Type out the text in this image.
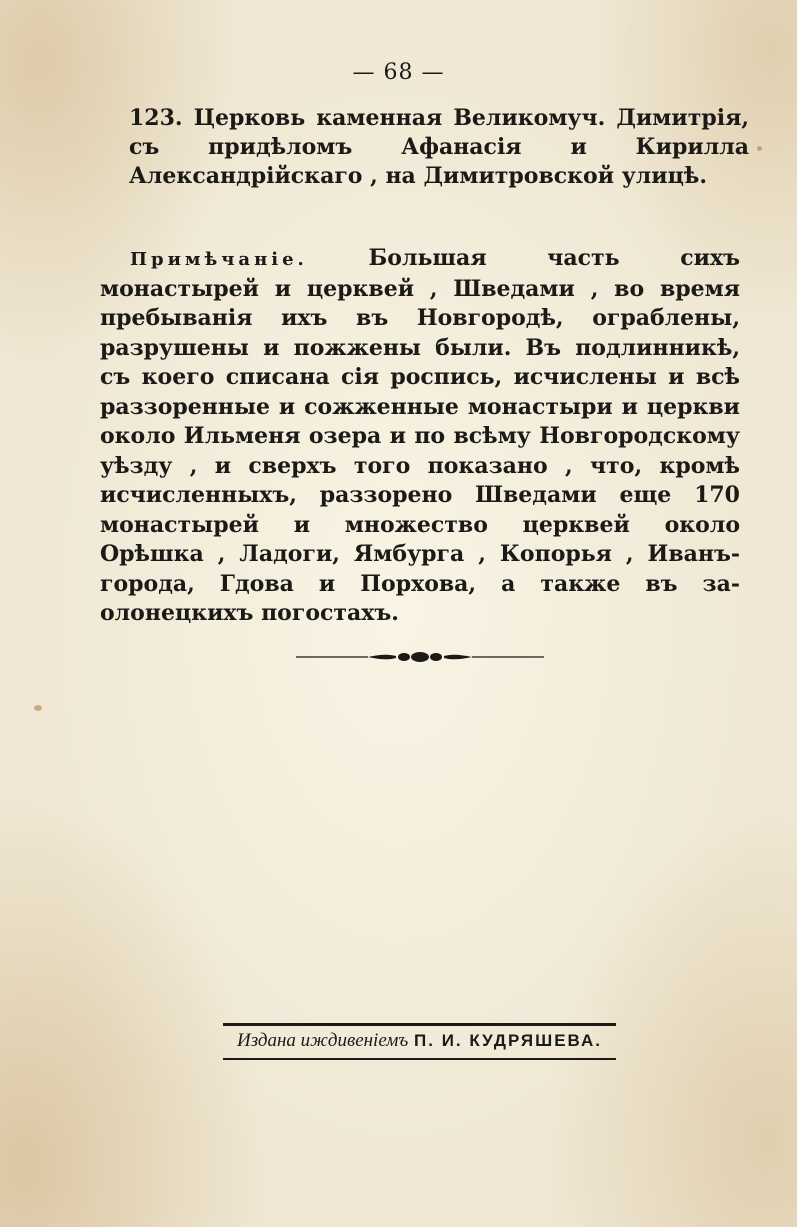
— 68 —
123. Церковь каменная Великомуч. Димитрія, съ придѣломъ Афанасія и Кирилла Александрійскаго , на Димитровской улицѣ.
Примѣчаніе.	Большая часть сихъ монастырей и церквей , Шведами , во время пребыванія ихъ въ Новгородѣ, ограблены, разрушены и пожжены были. Въ подлинникѣ, съ коего списана сія роспись, исчислены и всѣ раззоренные и сожженные монастыри и церкви около Ильменя озера и по всѣму Новгородскому уѣзду , и сверхъ того показано , что, кромѣ исчисленныхъ, раззорено Шведами еще 170 монастырей и множество церквей около Орѣшка , Ладоги, Ямбурга , Копорья , Иванъ-города, Гдова и Порхова, а также въ за-олонецкихъ погостахъ.
Издана иждивеніемъ П. И. КУДРЯШЕВА.
